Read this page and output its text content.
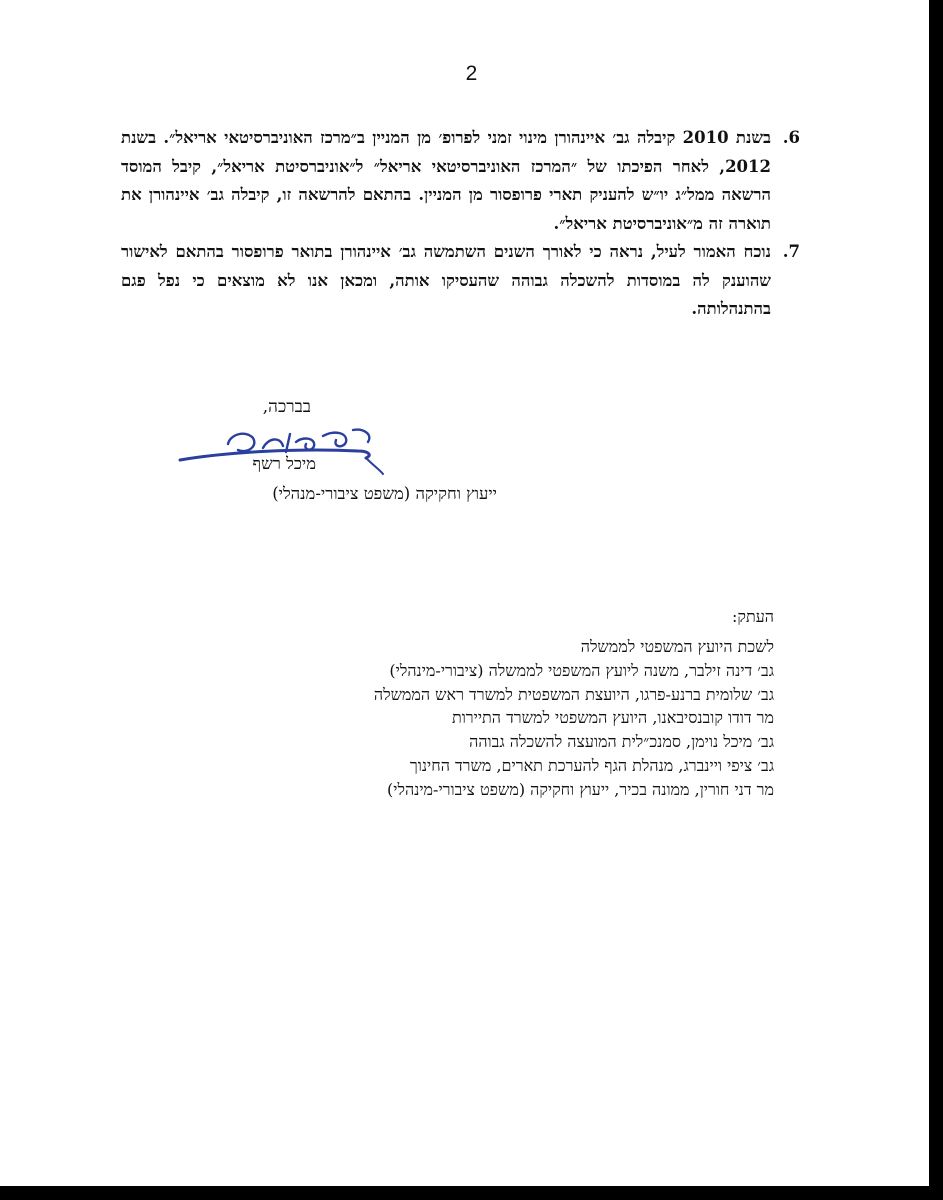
2
.6
בשנת 2010 קיבלה גב׳ איינהורן מינוי זמני לפרופ׳ מן המניין ב״מרכז האוניברסיטאי אריאל״. בשנת 2012, לאחר הפיכתו של ״המרכז האוניברסיטאי אריאל״ ל״אוניברסיטת אריאל״, קיבל המוסד הרשאה ממל״ג יו״ש להעניק תארי פרופסור מן המניין. בהתאם להרשאה זו, קיבלה גב׳ איינהורן את תוארה זה מ״אוניברסיטת אריאל״.
.7
נוכח האמור לעיל, נראה כי לאורך השנים השתמשה גב׳ איינהורן בתואר פרופסור בהתאם לאישור שהוענק לה במוסדות להשכלה גבוהה שהעסיקו אותה, ומכאן אנו לא מוצאים כי נפל פגם בהתנהלותה.
בברכה,
מיכל רשף
ייעוץ וחקיקה (משפט ציבורי-מנהלי)
העתק:
לשכת היועץ המשפטי לממשלה
גב׳ דינה זילבר, משנה ליועץ המשפטי לממשלה (ציבורי-מינהלי)
גב׳ שלומית ברנע-פרגו, היועצת המשפטית למשרד ראש הממשלה
מר דודו קובנסיבאנו, היועץ המשפטי למשרד התיירות
גב׳ מיכל נוימן, סמנכ״לית המועצה להשכלה גבוהה
גב׳ ציפי ויינברג, מנהלת הגף להערכת תארים, משרד החינוך
מר דני חורין, ממונה בכיר, ייעוץ וחקיקה (משפט ציבורי-מינהלי)
